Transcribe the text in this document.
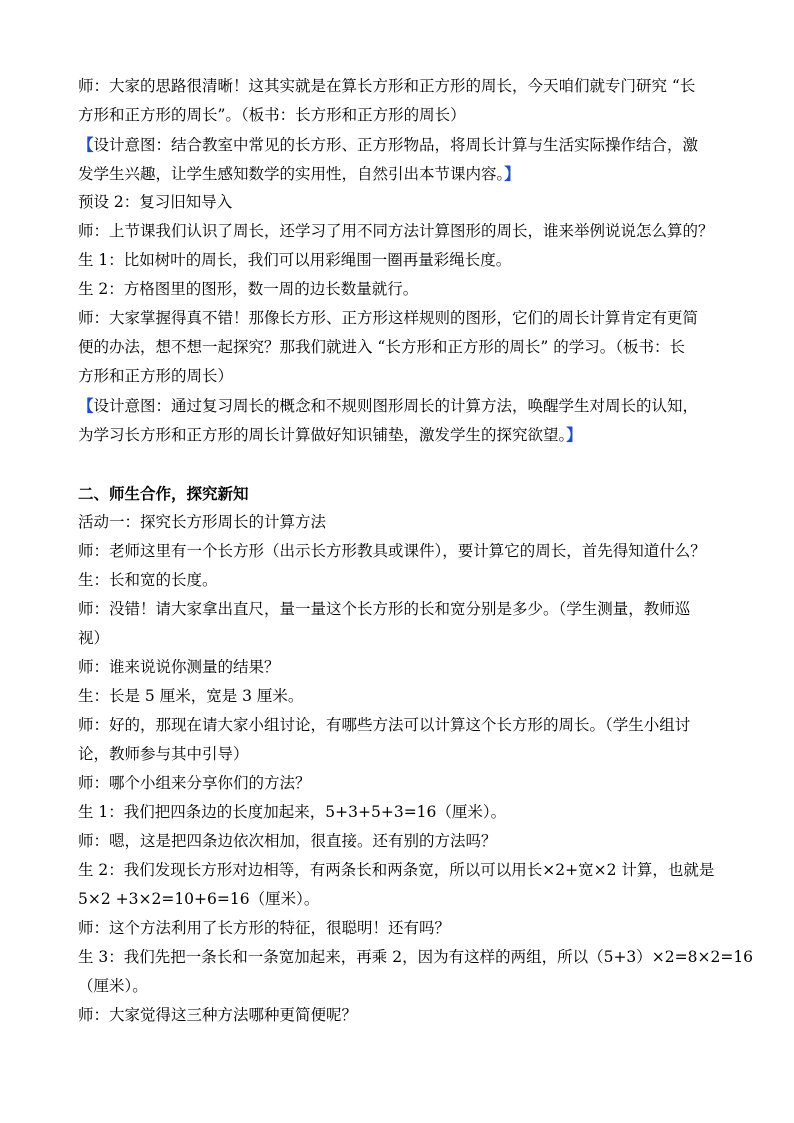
师：大家的思路很清晰！这其实就是在算长方形和正方形的周长，今天咱们就专门研究 “长
方形和正方形的周长”。（板书：长方形和正方形的周长）
【设计意图：结合教室中常见的长方形、正方形物品，将周长计算与生活实际操作结合，激
发学生兴趣，让学生感知数学的实用性，自然引出本节课内容。】
预设 2：复习旧知导入
师：上节课我们认识了周长，还学习了用不同方法计算图形的周长，谁来举例说说怎么算的？
生 1：比如树叶的周长，我们可以用彩绳围一圈再量彩绳长度。
生 2：方格图里的图形，数一周的边长数量就行。
师：大家掌握得真不错！那像长方形、正方形这样规则的图形，它们的周长计算肯定有更简
便的办法，想不想一起探究？那我们就进入 “长方形和正方形的周长” 的学习。（板书：长
方形和正方形的周长）
【设计意图：通过复习周长的概念和不规则图形周长的计算方法，唤醒学生对周长的认知，
为学习长方形和正方形的周长计算做好知识铺垫，激发学生的探究欲望。】
二、师生合作，探究新知
活动一：探究长方形周长的计算方法
师：老师这里有一个长方形（出示长方形教具或课件），要计算它的周长，首先得知道什么？
生：长和宽的长度。
师：没错！请大家拿出直尺，量一量这个长方形的长和宽分别是多少。（学生测量，教师巡
视）
师：谁来说说你测量的结果？
生：长是 5 厘米，宽是 3 厘米。
师：好的，那现在请大家小组讨论，有哪些方法可以计算这个长方形的周长。（学生小组讨
论，教师参与其中引导）
师：哪个小组来分享你们的方法？
生 1：我们把四条边的长度加起来，5+3+5+3=16（厘米）。
师：嗯，这是把四条边依次相加，很直接。还有别的方法吗？
生 2：我们发现长方形对边相等，有两条长和两条宽，所以可以用长×2+宽×2 计算，也就是
5×2 +3×2=10+6=16（厘米）。
师：这个方法利用了长方形的特征，很聪明！还有吗？
生 3：我们先把一条长和一条宽加起来，再乘 2，因为有这样的两组，所以（5+3）×2=8×2=16
（厘米）。
师：大家觉得这三种方法哪种更简便呢？
